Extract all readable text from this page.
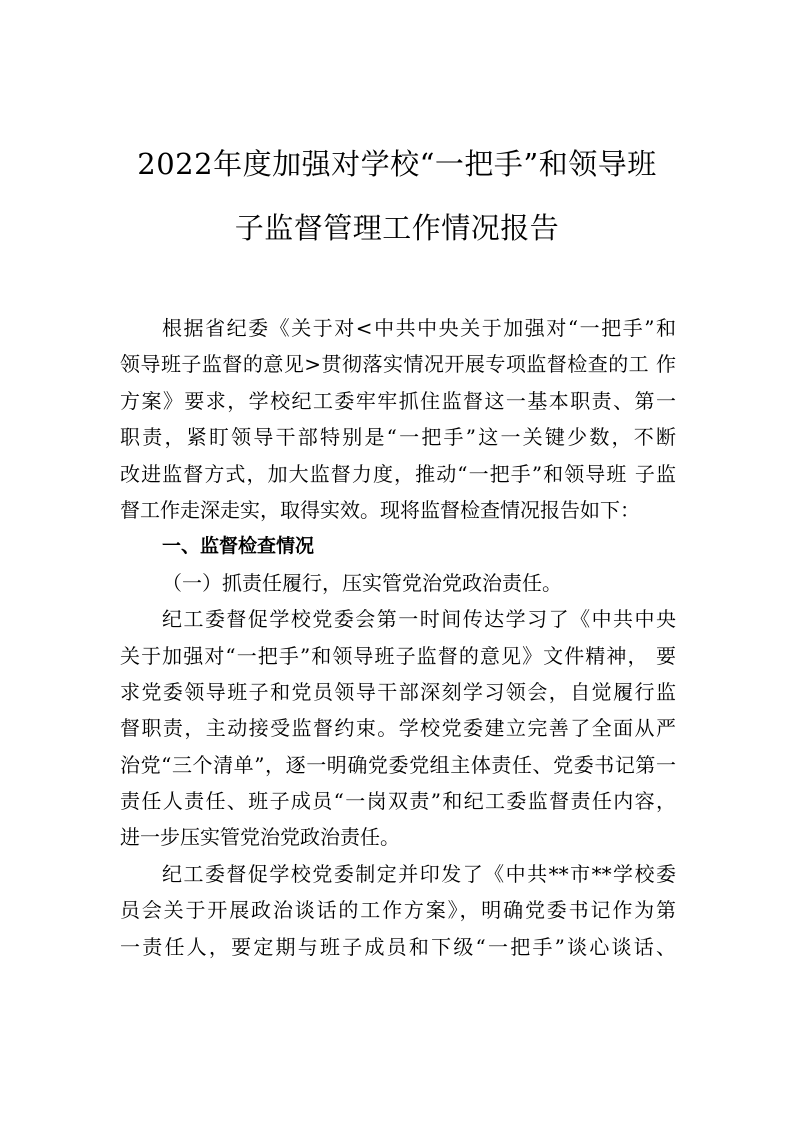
2022年度加强对学校“一把手”和领导班
子监督管理工作情况报告
根据省纪委《关于对<中共中央关于加强对“一把手”和
领导班子监督的意见>贯彻落实情况开展专项监督检查的工 作
方案》要求，学校纪工委牢牢抓住监督这一基本职责、第一
职责，紧盯领导干部特别是“一把手”这一关键少数，不断
改进监督方式，加大监督力度，推动“一把手”和领导班 子监
督工作走深走实，取得实效。现将监督检查情况报告如下：
一、监督检查情况
（一）抓责任履行，压实管党治党政治责任。
纪工委督促学校党委会第一时间传达学习了《中共中央
关于加强对“一把手”和领导班子监督的意见》文件精神， 要
求党委领导班子和党员领导干部深刻学习领会，自觉履行监
督职责，主动接受监督约束。学校党委建立完善了全面从严
治党“三个清单”，逐一明确党委党组主体责任、党委书记第一
责任人责任、班子成员“一岗双责”和纪工委监督责任内容，
进一步压实管党治党政治责任。
纪工委督促学校党委制定并印发了《中共**市**学校委
员会关于开展政治谈话的工作方案》，明确党委书记作为第
一责任人，要定期与班子成员和下级“一把手”谈心谈话、
